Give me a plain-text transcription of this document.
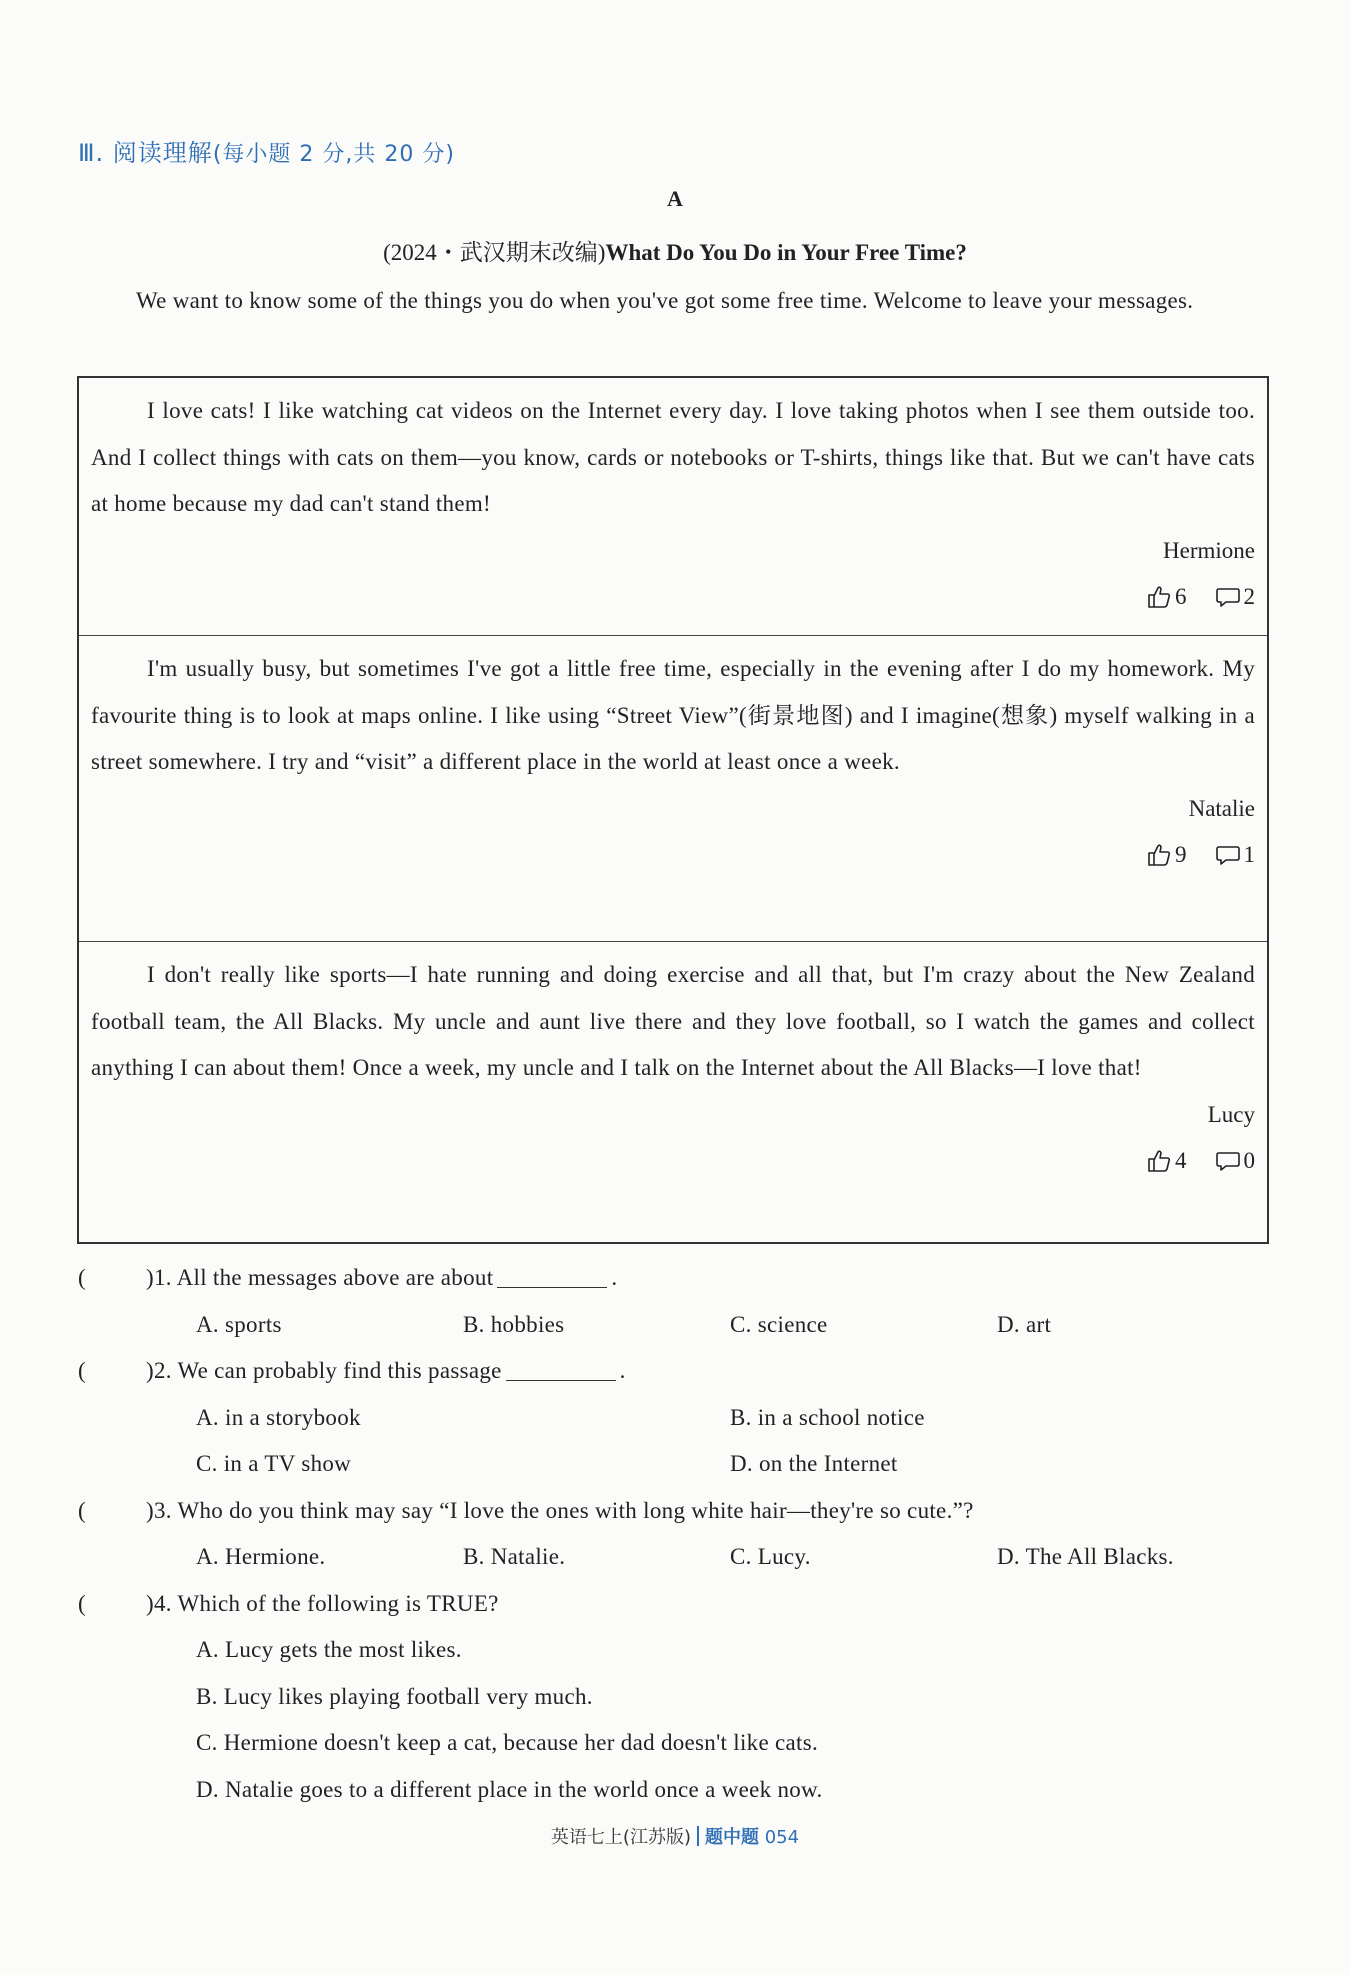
Ⅲ. 阅读理解(每小题 2 分,共 20 分)
A
(2024・武汉期末改编)What Do You Do in Your Free Time?
We want to know some of the things you do when you've got some free time. Welcome to leave your messages.
I love cats! I like watching cat videos on the Internet every day. I love taking photos when I see them outside too. And I collect things with cats on them—you know, cards or notebooks or T-shirts, things like that. But we can't have cats at home because my dad can't stand them!
Hermione
6 2
I'm usually busy, but sometimes I've got a little free time, especially in the evening after I do my homework. My favourite thing is to look at maps online. I like using “Street View”(街景地图) and I imagine(想象) myself walking in a street somewhere. I try and “visit” a different place in the world at least once a week.
Natalie
9 1
I don't really like sports—I hate running and doing exercise and all that, but I'm crazy about the New Zealand football team, the All Blacks. My uncle and aunt live there and they love football, so I watch the games and collect anything I can about them! Once a week, my uncle and I talk on the Internet about the All Blacks—I love that!
Lucy
4 0
(	)1. All the messages above are about	.
A. sports	B. hobbies	C. science	D. art
(	)2. We can probably find this passage	.
A. in a storybook	B. in a school notice
C. in a TV show	D. on the Internet
(	)3. Who do you think may say “I love the ones with long white hair—they're so cute.”?
A. Hermione.	B. Natalie.	C. Lucy.	D. The All Blacks.
(	)4. Which of the following is TRUE?
A. Lucy gets the most likes.
B. Lucy likes playing football very much.
C. Hermione doesn't keep a cat, because her dad doesn't like cats.
D. Natalie goes to a different place in the world once a week now.
英语七上(江苏版) 题中题 054
